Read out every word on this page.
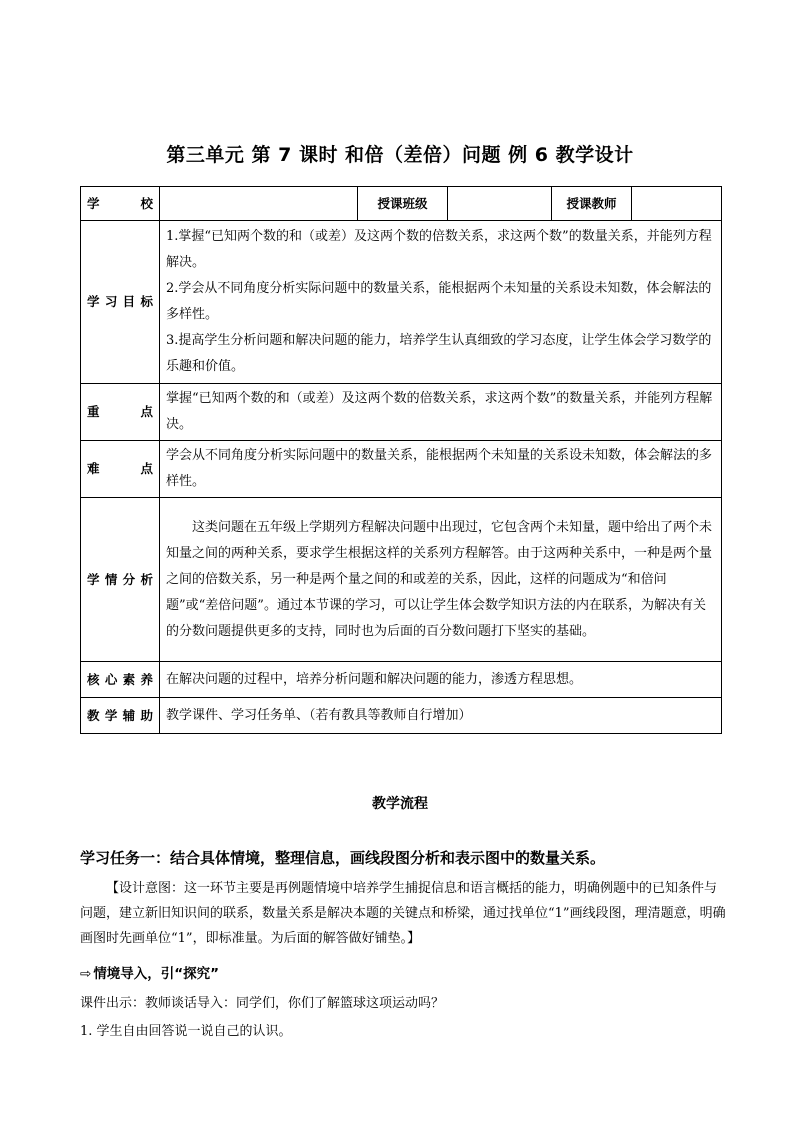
第三单元 第 7 课时 和倍（差倍）问题 例 6 教学设计
学 校		授课班级		授课教师	
学习目标	1.掌握“已知两个数的和（或差）及这两个数的倍数关系，求这两个数”的数量关系，并能列方程解决。

2.学会从不同角度分析实际问题中的数量关系，能根据两个未知量的关系设未知数，体会解法的多样性。

3.提高学生分析问题和解决问题的能力，培养学生认真细致的学习态度，让学生体会学习数学的乐趣和价值。				

重 点	掌握“已知两个数的和（或差）及这两个数的倍数关系，求这两个数”的数量关系，并能列方程解决。				
难 点	学会从不同角度分析实际问题中的数量关系，能根据两个未知量的关系设未知数，体会解法的多样性。				
学情分析	这类问题在五年级上学期列方程解决问题中出现过，它包含两个未知量，题中给出了两个未知量之间的两种关系，要求学生根据这样的关系列方程解答。由于这两种关系中，一种是两个量之间的倍数关系，另一种是两个量之间的和或差的关系，因此，这样的问题成为“和倍问题”或“差倍问题”。通过本节课的学习，可以让学生体会数学知识方法的内在联系，为解决有关的分数问题提供更多的支持，同时也为后面的百分数问题打下坚实的基础。				
核心素养	在解决问题的过程中，培养分析问题和解决问题的能力，渗透方程思想。				
教学辅助	教学课件、学习任务单、（若有教具等教师自行增加）				
教学流程
学习任务一：结合具体情境，整理信息，画线段图分析和表示图中的数量关系。
【设计意图：这一环节主要是再例题情境中培养学生捕捉信息和语言概括的能力，明确例题中的已知条件与问题，建立新旧知识间的联系，数量关系是解决本题的关键点和桥梁，通过找单位“1”画线段图，理清题意，明确画图时先画单位“1”，即标准量。为后面的解答做好铺垫。】
⇨ 情境导入，引“探究”
课件出示：教师谈话导入：同学们，你们了解篮球这项运动吗？
1. 学生自由回答说一说自己的认识。
